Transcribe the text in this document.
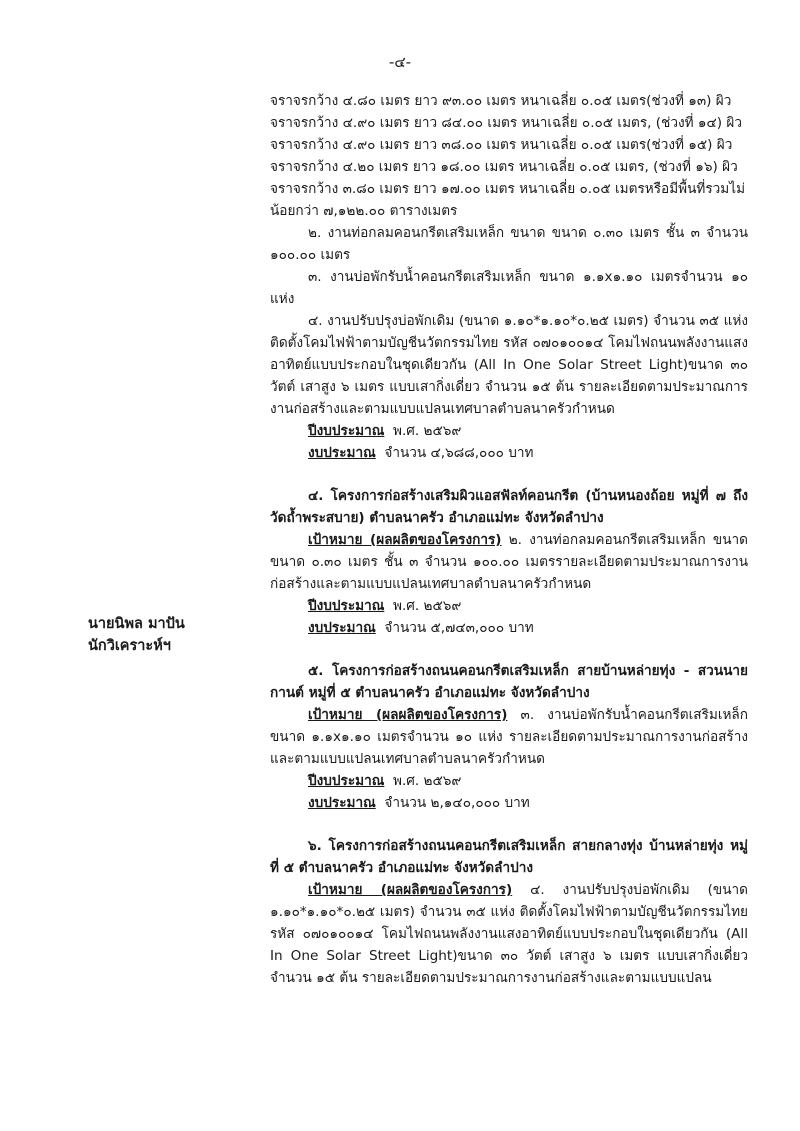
-๔-
นายนิพล มาปัน
นักวิเคราะห์ฯ
จราจรกว้าง ๔.๘๐ เมตร ยาว ๙๓.๐๐ เมตร หนาเฉลี่ย ๐.๐๕ เมตร(ช่วงที่ ๑๓) ผิว
จราจรกว้าง ๔.๙๐ เมตร ยาว ๘๔.๐๐ เมตร หนาเฉลี่ย ๐.๐๕ เมตร, (ช่วงที่ ๑๔) ผิว
จราจรกว้าง ๔.๙๐ เมตร ยาว ๓๘.๐๐ เมตร หนาเฉลี่ย ๐.๐๕ เมตร(ช่วงที่ ๑๕) ผิว
จราจรกว้าง ๔.๒๐ เมตร ยาว ๑๘.๐๐ เมตร หนาเฉลี่ย ๐.๐๕ เมตร, (ช่วงที่ ๑๖) ผิว
จราจรกว้าง ๓.๘๐ เมตร ยาว ๑๗.๐๐ เมตร หนาเฉลี่ย ๐.๐๕ เมตรหรือมีพื้นที่รวมไม่
น้อยกว่า ๗,๑๒๒.๐๐ ตารางเมตร

๒. งานท่อกลมคอนกรีตเสริมเหล็ก ขนาด ขนาด ๐.๓๐ เมตร ชั้น ๓ จำนวน ๑๐๐.๐๐ เมตร

๓. งานบ่อพักรับน้ำคอนกรีตเสริมเหล็ก ขนาด ๑.๑x๑.๑๐ เมตรจำนวน ๑๐ แห่ง

๔. งานปรับปรุงบ่อพักเดิม (ขนาด ๑.๑๐*๑.๑๐*๐.๒๕ เมตร) จำนวน ๓๕ แห่ง ติดตั้งโคมไฟฟ้าตามบัญชีนวัตกรรมไทย รหัส ๐๗๐๑๐๐๑๔ โคมไฟถนนพลังงานแสงอาทิตย์แบบประกอบในชุดเดียวกัน (All In One Solar Street Light)ขนาด ๓๐ วัตต์ เสาสูง ๖ เมตร แบบเสากิ่งเดี่ยว จำนวน ๑๕ ต้น รายละเอียดตามประมาณการงานก่อสร้างและตามแบบแปลนเทศบาลตำบลนาครัวกำหนด

ปีงบประมาณ พ.ศ. ๒๕๖๙
งบประมาณ จำนวน ๔,๖๘๘,๐๐๐ บาท

๔. โครงการก่อสร้างเสริมผิวแอสฟัลท์คอนกรีต (บ้านหนองถ้อย หมู่ที่ ๗ ถึงวัดถ้ำพระสบาย) ตำบลนาครัว อำเภอแม่ทะ จังหวัดลำปาง

เป้าหมาย (ผลผลิตของโครงการ) ๒. งานท่อกลมคอนกรีตเสริมเหล็ก ขนาด ขนาด ๐.๓๐ เมตร ชั้น ๓ จำนวน ๑๐๐.๐๐ เมตรรายละเอียดตามประมาณการงานก่อสร้างและตามแบบแปลนเทศบาลตำบลนาครัวกำหนด

ปีงบประมาณ พ.ศ. ๒๕๖๙
งบประมาณ จำนวน ๕,๗๔๓,๐๐๐ บาท

๕. โครงการก่อสร้างถนนคอนกรีตเสริมเหล็ก สายบ้านหล่ายทุ่ง - สวนนายกานต์ หมู่ที่ ๕ ตำบลนาครัว อำเภอแม่ทะ จังหวัดลำปาง

เป้าหมาย (ผลผลิตของโครงการ) ๓. งานบ่อพักรับน้ำคอนกรีตเสริมเหล็ก ขนาด ๑.๑x๑.๑๐ เมตรจำนวน ๑๐ แห่ง รายละเอียดตามประมาณการงานก่อสร้างและตามแบบแปลนเทศบาลตำบลนาครัวกำหนด

ปีงบประมาณ พ.ศ. ๒๕๖๙
งบประมาณ จำนวน ๒,๑๔๐,๐๐๐ บาท

๖. โครงการก่อสร้างถนนคอนกรีตเสริมเหล็ก สายกลางทุ่ง บ้านหล่ายทุ่ง หมู่ที่ ๕ ตำบลนาครัว อำเภอแม่ทะ จังหวัดลำปาง

เป้าหมาย (ผลผลิตของโครงการ) ๔. งานปรับปรุงบ่อพักเดิม (ขนาด ๑.๑๐*๑.๑๐*๐.๒๕ เมตร) จำนวน ๓๕ แห่ง ติดตั้งโคมไฟฟ้าตามบัญชีนวัตกรรมไทย รหัส ๐๗๐๑๐๐๑๔ โคมไฟถนนพลังงานแสงอาทิตย์แบบประกอบในชุดเดียวกัน (All In One Solar Street Light)ขนาด ๓๐ วัตต์ เสาสูง ๖ เมตร แบบเสากิ่งเดี่ยว จำนวน ๑๕ ต้น รายละเอียดตามประมาณการงานก่อสร้างและตามแบบแปลน
